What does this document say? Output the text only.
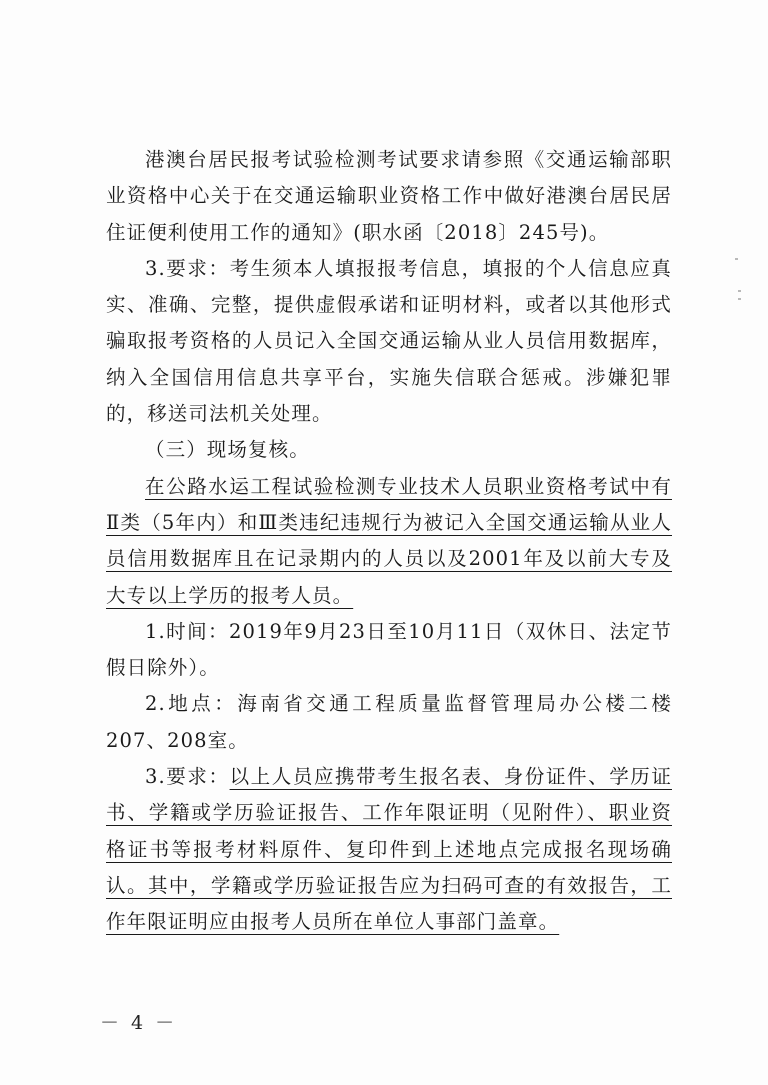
港澳台居民报考试验检测考试要求请参照《交通运输部职业资格中心关于在交通运输职业资格工作中做好港澳台居民居住证便利使用工作的通知》(职水函〔2018〕245号)。

3.要求：考生须本人填报报考信息，填报的个人信息应真实、准确、完整，提供虚假承诺和证明材料，或者以其他形式骗取报考资格的人员记入全国交通运输从业人员信用数据库，纳入全国信用信息共享平台，实施失信联合惩戒。涉嫌犯罪的，移送司法机关处理。

（三）现场复核。

在公路水运工程试验检测专业技术人员职业资格考试中有Ⅱ类（5年内）和Ⅲ类违纪违规行为被记入全国交通运输从业人员信用数据库且在记录期内的人员以及2001年及以前大专及大专以上学历的报考人员。

1.时间：2019年9月23日至10月11日（双休日、法定节假日除外）。

2.地点：海南省交通工程质量监督管理局办公楼二楼207、208室。

3.要求：以上人员应携带考生报名表、身份证件、学历证书、学籍或学历验证报告、工作年限证明（见附件）、职业资格证书等报考材料原件、复印件到上述地点完成报名现场确认。其中，学籍或学历验证报告应为扫码可查的有效报告，工作年限证明应由报考人员所在单位人事部门盖章。

－ 4 －
